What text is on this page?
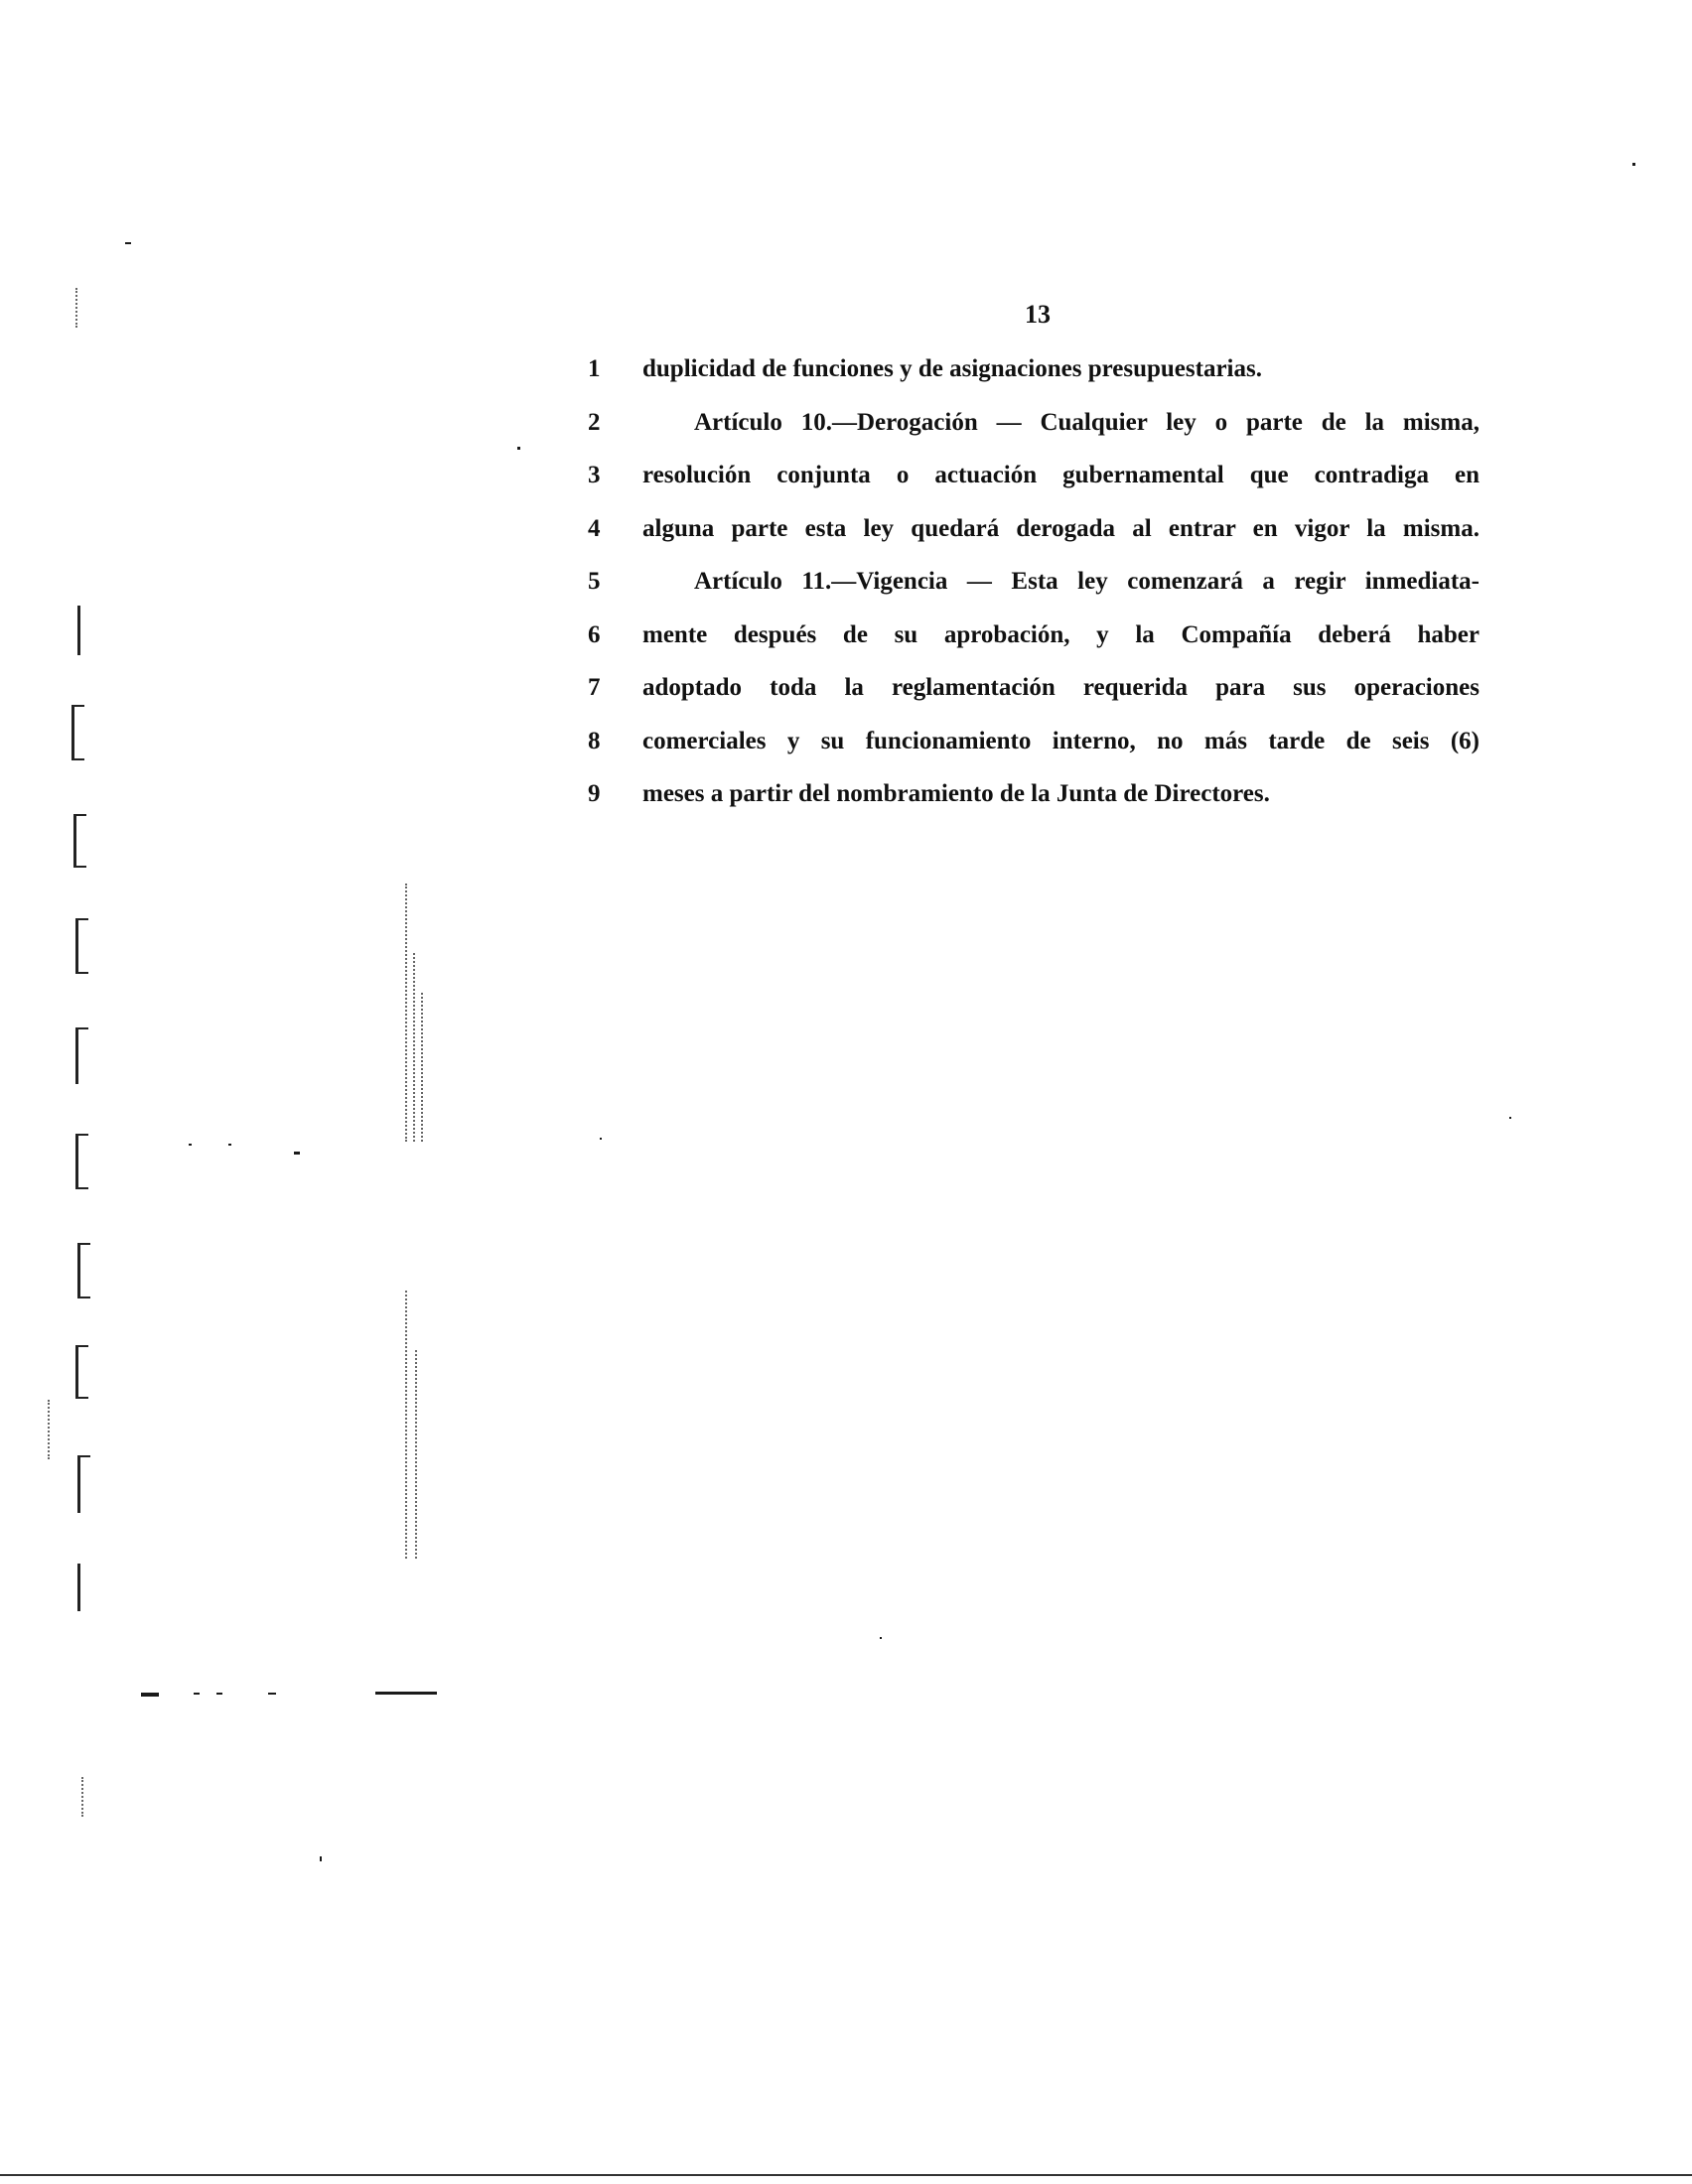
13
1	duplicidad de funciones y de asignaciones presupuestarias.
2	Artículo 10.—Derogación — Cualquier ley o parte de la misma,
3	resolución conjunta o actuación gubernamental que contradiga en
4	alguna parte esta ley quedará derogada al entrar en vigor la misma.
5	Artículo 11.—Vigencia — Esta ley comenzará a regir inmediata-
6	mente después de su aprobación, y la Compañía deberá haber
7	adoptado toda la reglamentación requerida para sus operaciones
8	comerciales y su funcionamiento interno, no más tarde de seis (6)
9	meses a partir del nombramiento de la Junta de Directores.
